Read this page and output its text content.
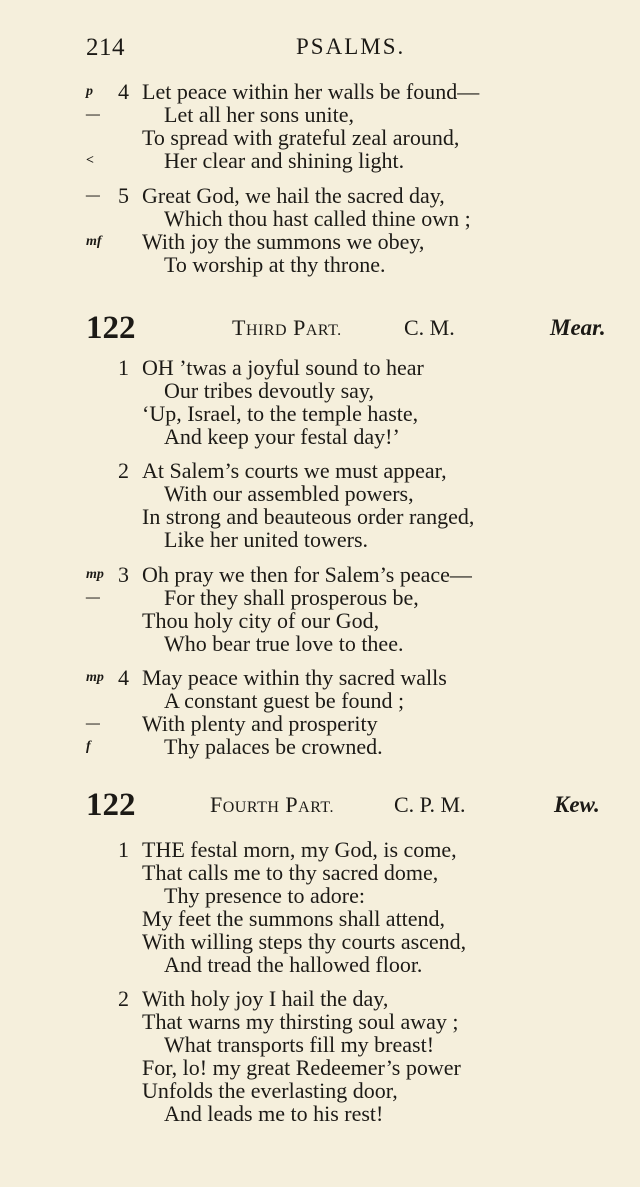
214	PSALMS.
p 4 Let peace within her walls be found—
—	Let all her sons unite,
To spread with grateful zeal around,
<	Her clear and shining light.
— 5 Great God, we hail the sacred day,
Which thou hast called thine own ;
mf With joy the summons we obey,
To worship at thy throne.
122	THIRD PART.	C. M.	Mear.
1 OH ’twas a joyful sound to hear
Our tribes devoutly say,
‘Up, Israel, to the temple haste,
And keep your festal day!’
2 At Salem’s courts we must appear,
With our assembled powers,
In strong and beauteous order ranged,
Like her united towers.
mp 3 Oh pray we then for Salem’s peace—
—	For they shall prosperous be,
Thou holy city of our God,
Who bear true love to thee.
mp 4 May peace within thy sacred walls
A constant guest be found ;
— With plenty and prosperity
f	Thy palaces be crowned.
122	FOURTH PART.	C. P. M.	Kew.
1 THE festal morn, my God, is come,
That calls me to thy sacred dome,
Thy presence to adore:
My feet the summons shall attend,
With willing steps thy courts ascend,
And tread the hallowed floor.
2 With holy joy I hail the day,
That warns my thirsting soul away ;
What transports fill my breast!
For, lo! my great Redeemer’s power
Unfolds the everlasting door,
And leads me to his rest!
